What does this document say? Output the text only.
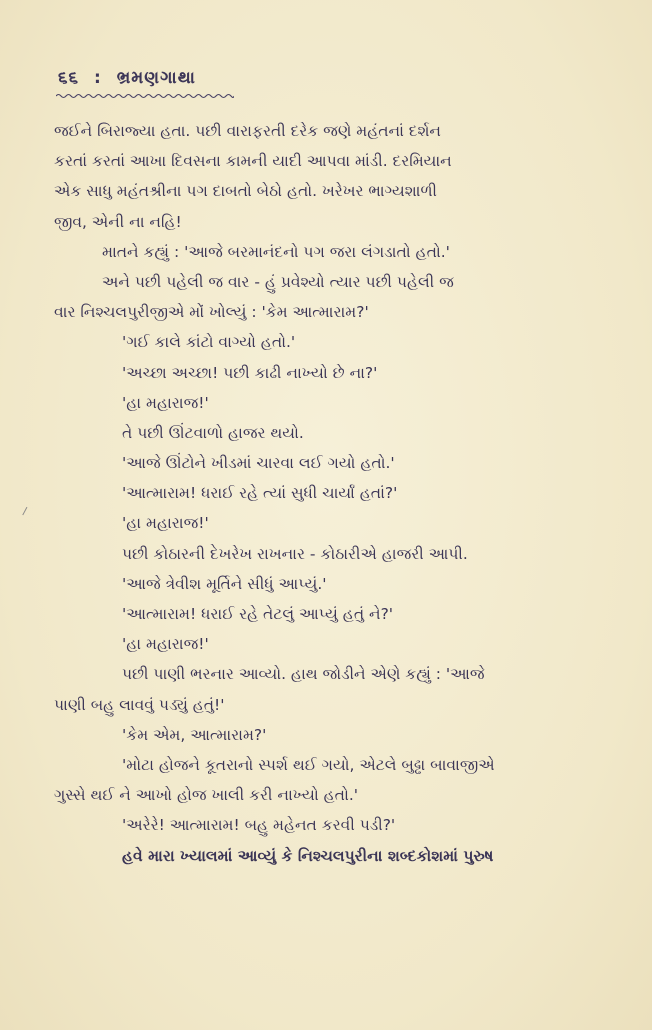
૬૬ : ભ્રમણગાથા
જઈને બિરાજ્યા હતા. પછી વારાફરતી દરેક જણે મહંતનાં દર્શન
કરતાં કરતાં આખા દિવસના કામની યાદી આપવા માંડી. દરમિયાન
એક સાધુ મહંતશ્રીના પગ દાબતો બેઠો હતો. ખરેખર ભાગ્યશાળી
જીવ, એની ના નહિ!
માતને કહ્યું : 'આજે બરમાનંદનો પગ જરા લંગડાતો હતો.'
અને પછી પહેલી જ વાર - હું પ્રવેશ્યો ત્યાર પછી પહેલી જ
વાર નિશ્ચલપુરીજીએ મોં ખોલ્યું : 'કેમ આત્મારામ?'
'ગઈ કાલે કાંટો વાગ્યો હતો.'
'અચ્છા અચ્છા! પછી કાઢી નાખ્યો છે ના?'
'હા મહારાજ!'
તે પછી ઊંટવાળો હાજર થયો.
'આજે ઊંટોને ખીડમાં ચારવા લઈ ગયો હતો.'
'આત્મારામ! ધરાઈ રહે ત્યાં સુધી ચાર્યાં હતાં?'
'હા મહારાજ!'
પછી કોઠારની દેખરેખ રાખનાર - કોઠારીએ હાજરી આપી.
'આજે ત્રેવીશ મૂર્તિને સીધું આપ્યું.'
'આત્મારામ! ધરાઈ રહે તેટલું આપ્યું હતું ને?'
'હા મહારાજ!'
પછી પાણી ભરનાર આવ્યો. હાથ જોડીને એણે કહ્યું : 'આજે
પાણી બહુ લાવવું પડ્યું હતું!'
'કેમ એમ, આત્મારામ?'
'મોટા હોજને કૂતરાનો સ્પર્શ થઈ ગયો, એટલે બુઢ્ઢા બાવાજીએ
ગુસ્સે થઈ ને આખો હોજ ખાલી કરી નાખ્યો હતો.'
'અરેરે! આત્મારામ! બહુ મહેનત કરવી પડી?'
હવે મારા ખ્યાલમાં આવ્યું કે નિશ્ચલપુરીના શબ્દકોશમાં પુરુષ
